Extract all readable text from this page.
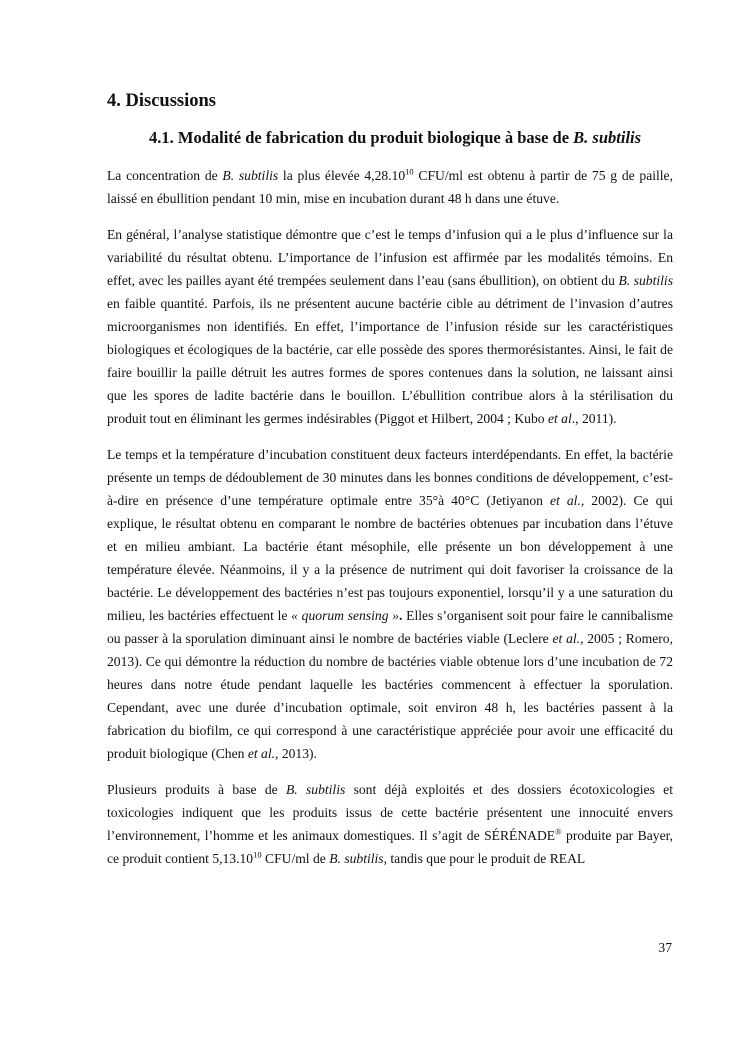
4. Discussions
4.1. Modalité de fabrication du produit biologique à base de B. subtilis

La concentration de B. subtilis la plus élevée 4,28.10$^{10}$ CFU/ml est obtenu à partir de 75 g de paille, laissé en ébullition pendant 10 min, mise en incubation durant 48 h dans une étuve.

En général, l’analyse statistique démontre que c’est le temps d’infusion qui a le plus d’influence sur la variabilité du résultat obtenu. L’importance de l’infusion est affirmée par les modalités témoins. En effet, avec les pailles ayant été trempées seulement dans l’eau (sans ébullition), on obtient du B. subtilis en faible quantité. Parfois, ils ne présentent aucune bactérie cible au détriment de l’invasion d’autres microorganismes non identifiés. En effet, l’importance de l’infusion réside sur les caractéristiques biologiques et écologiques de la bactérie, car elle possède des spores thermorésistantes. Ainsi, le fait de faire bouillir la paille détruit les autres formes de spores contenues dans la solution, ne laissant ainsi que les spores de ladite bactérie dans le bouillon. L’ébullition contribue alors à la stérilisation du produit tout en éliminant les germes indésirables (Piggot et Hilbert, 2004 ; Kubo et al., 2011).

Le temps et la température d’incubation constituent deux facteurs interdépendants. En effet, la bactérie présente un temps de dédoublement de 30 minutes dans les bonnes conditions de développement, c’est-à-dire en présence d’une température optimale entre 35°à 40°C (Jetiyanon et al., 2002). Ce qui explique, le résultat obtenu en comparant le nombre de bactéries obtenues par incubation dans l’étuve et en milieu ambiant. La bactérie étant mésophile, elle présente un bon développement à une température élevée. Néanmoins, il y a la présence de nutriment qui doit favoriser la croissance de la bactérie. Le développement des bactéries n’est pas toujours exponentiel, lorsqu’il y a une saturation du milieu, les bactéries effectuent le « quorum sensing ». Elles s’organisent soit pour faire le cannibalisme ou passer à la sporulation diminuant ainsi le nombre de bactéries viable (Leclere et al., 2005 ; Romero, 2013). Ce qui démontre la réduction du nombre de bactéries viable obtenue lors d’une incubation de 72 heures dans notre étude pendant laquelle les bactéries commencent à effectuer la sporulation. Cependant, avec une durée d’incubation optimale, soit environ 48 h, les bactéries passent à la fabrication du biofilm, ce qui correspond à une caractéristique appréciée pour avoir une efficacité du produit biologique (Chen et al., 2013).

Plusieurs produits à base de B. subtilis sont déjà exploités et des dossiers écotoxicologies et toxicologies indiquent que les produits issus de cette bactérie présentent une innocuité envers l’environnement, l’homme et les animaux domestiques. Il s’agit de SÉRÉNADE® produite par Bayer, ce produit contient 5,13.10$^{10}$ CFU/ml de B. subtilis, tandis que pour le produit de REAL

37
